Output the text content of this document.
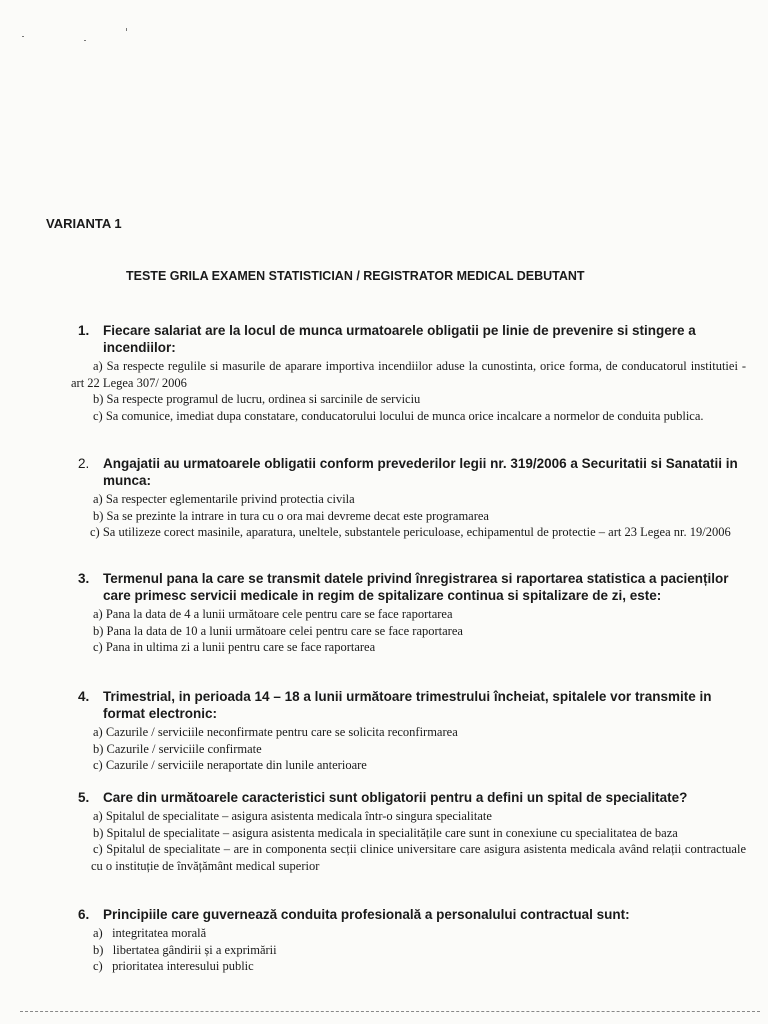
VARIANTA 1
TESTE GRILA EXAMEN STATISTICIAN / REGISTRATOR MEDICAL DEBUTANT
1. Fiecare salariat are la locul de munca urmatoarele obligatii pe linie de prevenire si stingere a incendiilor:
a) Sa respecte regulile si masurile de aparare importiva incendiilor aduse la cunostinta, orice forma, de conducatorul institutiei - art 22 Legea 307/ 2006
b) Sa respecte programul de lucru, ordinea si sarcinile de serviciu
c) Sa comunice, imediat dupa constatare, conducatorului locului de munca orice incalcare a normelor de conduita publica.
2. Angajatii au urmatoarele obligatii conform prevederilor legii nr. 319/2006 a Securitatii si Sanatatii in munca:
a) Sa respecter eglementarile privind protectia civila
b) Sa se prezinte la intrare in tura cu o ora mai devreme decat este programarea
c) Sa utilizeze corect masinile, aparatura, uneltele, substantele periculoase, echipamentul de protectie – art 23 Legea nr. 19/2006
3. Termenul pana la care se transmit datele privind înregistrarea si raportarea statistica a pacienților care primesc servicii medicale in regim de spitalizare continua si spitalizare de zi, este:
a) Pana la data de 4 a lunii următoare cele pentru care se face raportarea
b) Pana la data de 10 a lunii următoare celei pentru care se face raportarea
c) Pana in ultima zi a lunii pentru care se face raportarea
4. Trimestrial, in perioada 14 – 18 a lunii următoare trimestrului încheiat, spitalele vor transmite in format electronic:
a) Cazurile / serviciile neconfirmate pentru care se solicita reconfirmarea
b) Cazurile / serviciile confirmate
c) Cazurile / serviciile neraportate din lunile anterioare
5. Care din următoarele caracteristici sunt obligatorii pentru a defini un spital de specialitate?
a) Spitalul de specialitate – asigura asistenta medicala într-o singura specialitate
b) Spitalul de specialitate – asigura asistenta medicala in specialitățile care sunt in conexiune cu specialitatea de baza
c) Spitalul de specialitate – are in componenta secții clinice universitare care asigura asistenta medicala având relații contractuale cu o instituție de învățământ medical superior
6. Principiile care guvernează conduita profesională a personalului contractual sunt:
a)   integritatea morală
b)   libertatea gândirii și a exprimării
c)   prioritatea interesului public
